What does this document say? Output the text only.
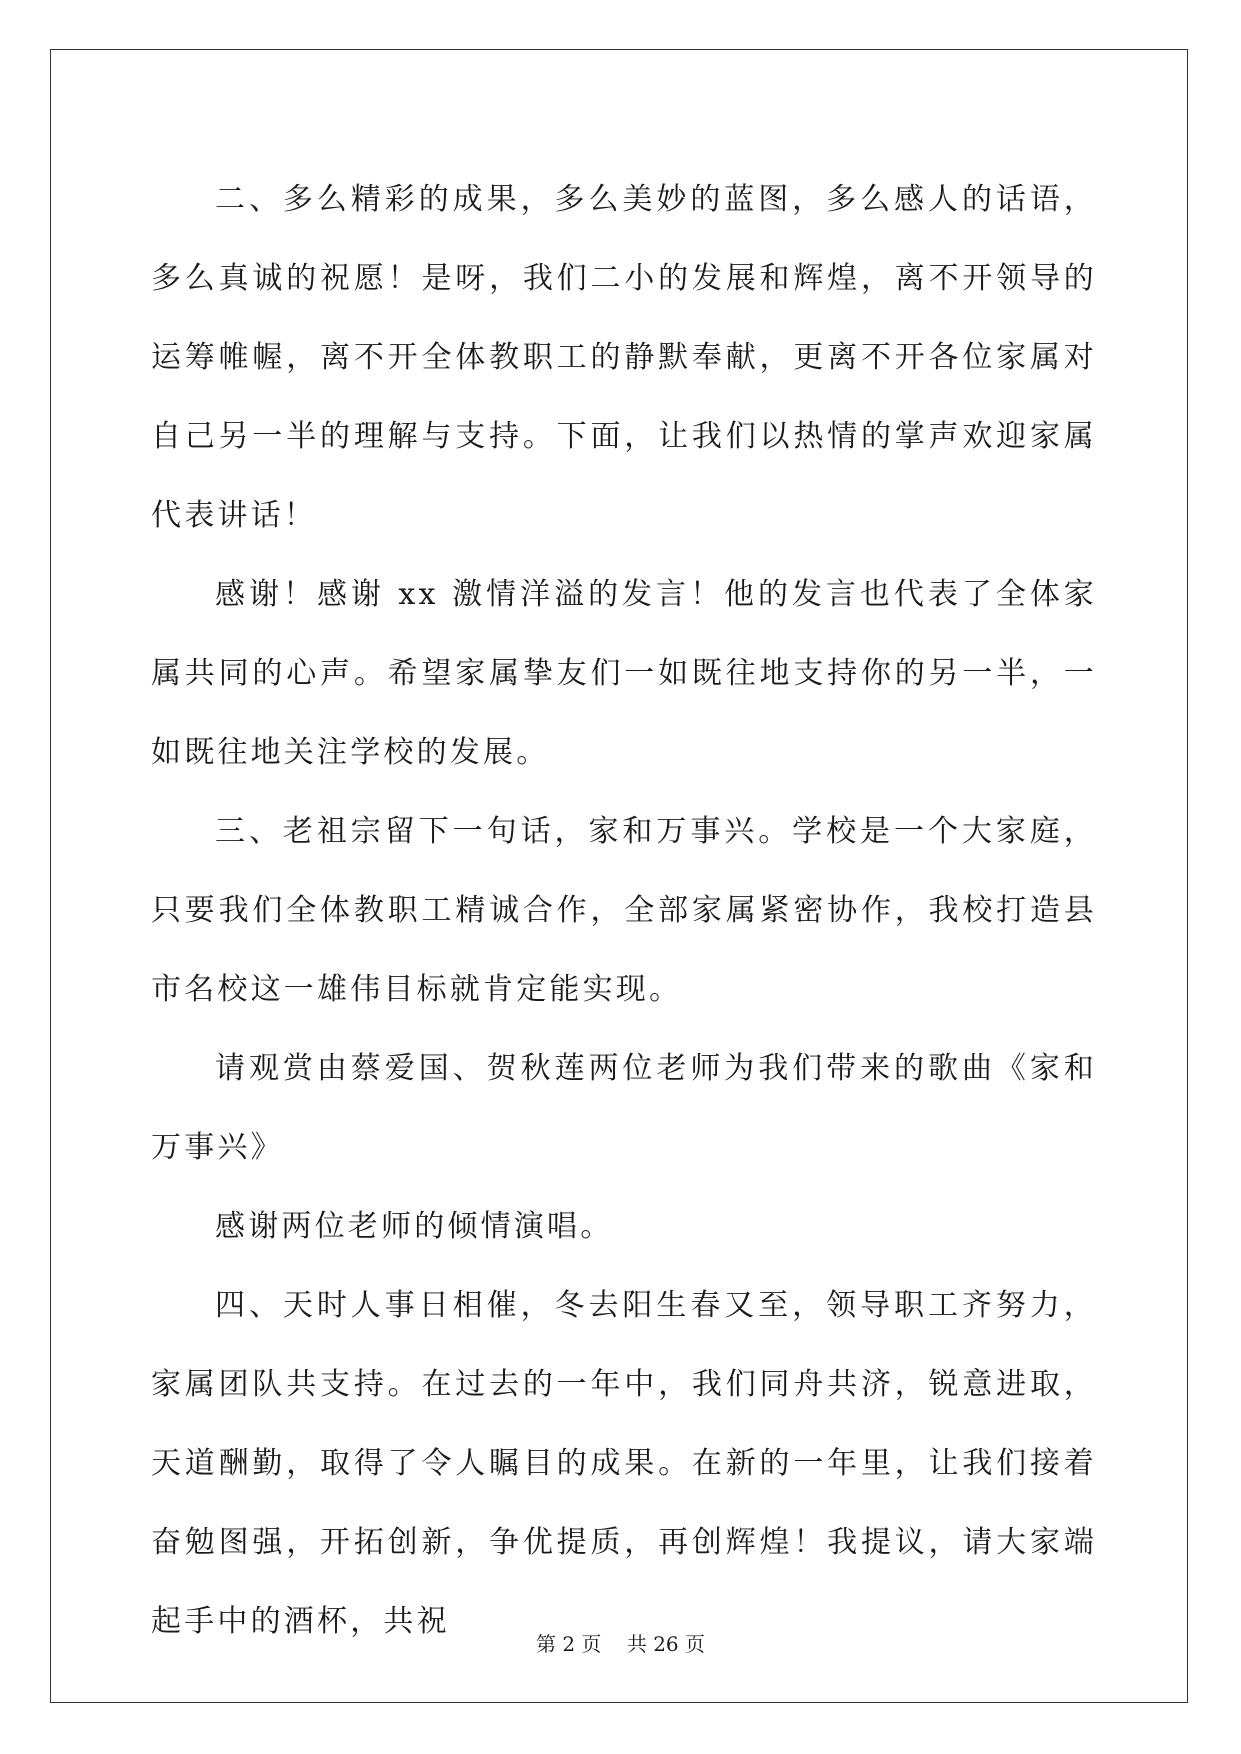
二、多么精彩的成果，多么美妙的蓝图，多么感人的话语，多么真诚的祝愿！是呀，我们二小的发展和辉煌，离不开领导的运筹帷幄，离不开全体教职工的静默奉献，更离不开各位家属对自己另一半的理解与支持。下面，让我们以热情的掌声欢迎家属代表讲话！

感谢！感谢 xx 激情洋溢的发言！他的发言也代表了全体家属共同的心声。希望家属挚友们一如既往地支持你的另一半，一如既往地关注学校的发展。

三、老祖宗留下一句话，家和万事兴。学校是一个大家庭，只要我们全体教职工精诚合作，全部家属紧密协作，我校打造县市名校这一雄伟目标就肯定能实现。

请观赏由蔡爱国、贺秋莲两位老师为我们带来的歌曲《家和万事兴》

感谢两位老师的倾情演唱。

四、天时人事日相催，冬去阳生春又至，领导职工齐努力，家属团队共支持。在过去的一年中，我们同舟共济，锐意进取，天道酬勤，取得了令人瞩目的成果。在新的一年里，让我们接着奋勉图强，开拓创新，争优提质，再创辉煌！我提议，请大家端起手中的酒杯，共祝

第 2 页    共 26 页
